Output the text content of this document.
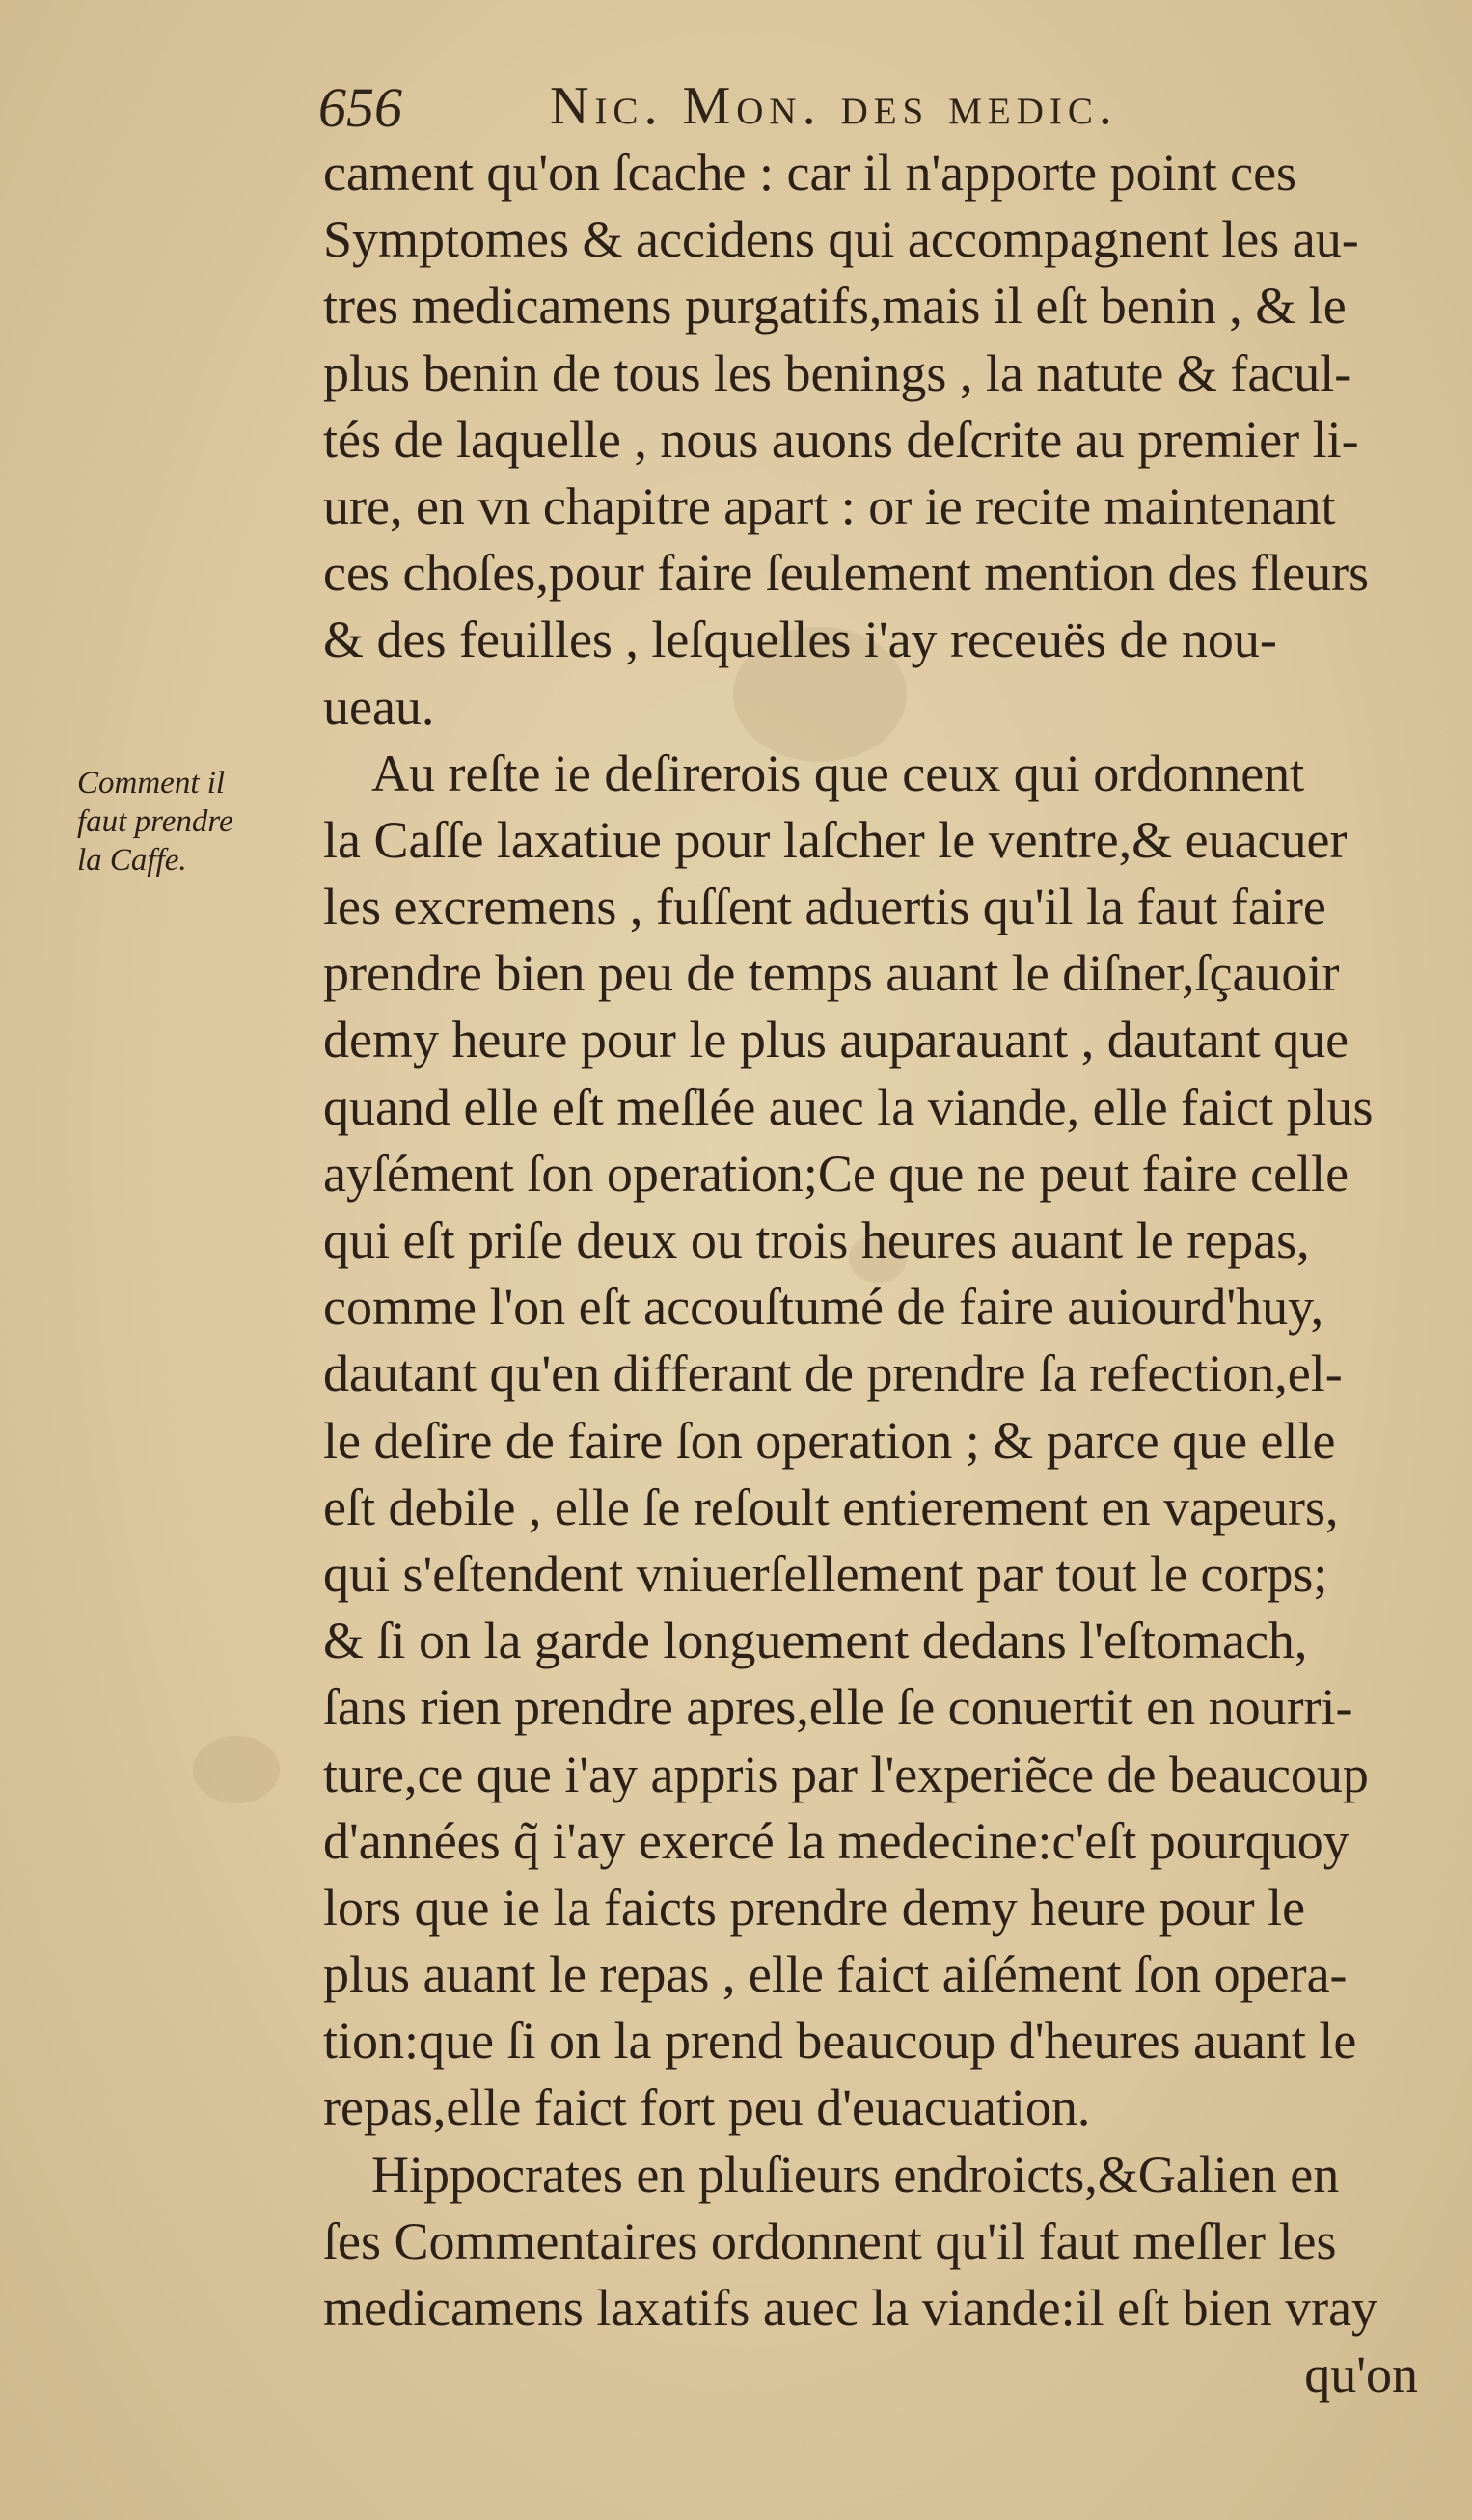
656	Nic. Mon. des medic.
Comment il
faut prendre
la Caffe.
cament qu'on ſcache : car il n'apporte point ces
Symptomes & accidens qui accompagnent les au-
tres medicamens purgatifs,mais il eſt benin , & le
plus benin de tous les benings , la natute & facul-
tés de laquelle , nous auons deſcrite au premier li-
ure, en vn chapitre apart : or ie recite maintenant
ces choſes,pour faire ſeulement mention des fleurs
& des feuilles , leſquelles i'ay receuës de nou-
ueau.
Au reſte ie deſirerois que ceux qui ordonnent
la Caſſe laxatiue pour laſcher le ventre,& euacuer
les excremens , fuſſent aduertis qu'il la faut faire
prendre bien peu de temps auant le diſner,ſçauoir
demy heure pour le plus auparauant , dautant que
quand elle eſt meſlée auec la viande, elle faict plus
ayſément ſon operation;Ce que ne peut faire celle
qui eſt priſe deux ou trois heures auant le repas,
comme l'on eſt accouſtumé de faire auiourd'huy,
dautant qu'en differant de prendre ſa refection,el-
le deſire de faire ſon operation ; & parce que elle
eſt debile , elle ſe reſoult entierement en vapeurs,
qui s'eſtendent vniuerſellement par tout le corps;
& ſi on la garde longuement dedans l'eſtomach,
ſans rien prendre apres,elle ſe conuertit en nourri-
ture,ce que i'ay appris par l'experiẽce de beaucoup
d'années q̃ i'ay exercé la medecine:c'eſt pourquoy
lors que ie la faicts prendre demy heure pour le
plus auant le repas , elle faict aiſément ſon opera-
tion:que ſi on la prend beaucoup d'heures auant le
repas,elle faict fort peu d'euacuation.
Hippocrates en pluſieurs endroicts,&Galien en
ſes Commentaires ordonnent qu'il faut meſler les
medicamens laxatifs auec la viande:il eſt bien vray
qu'on
